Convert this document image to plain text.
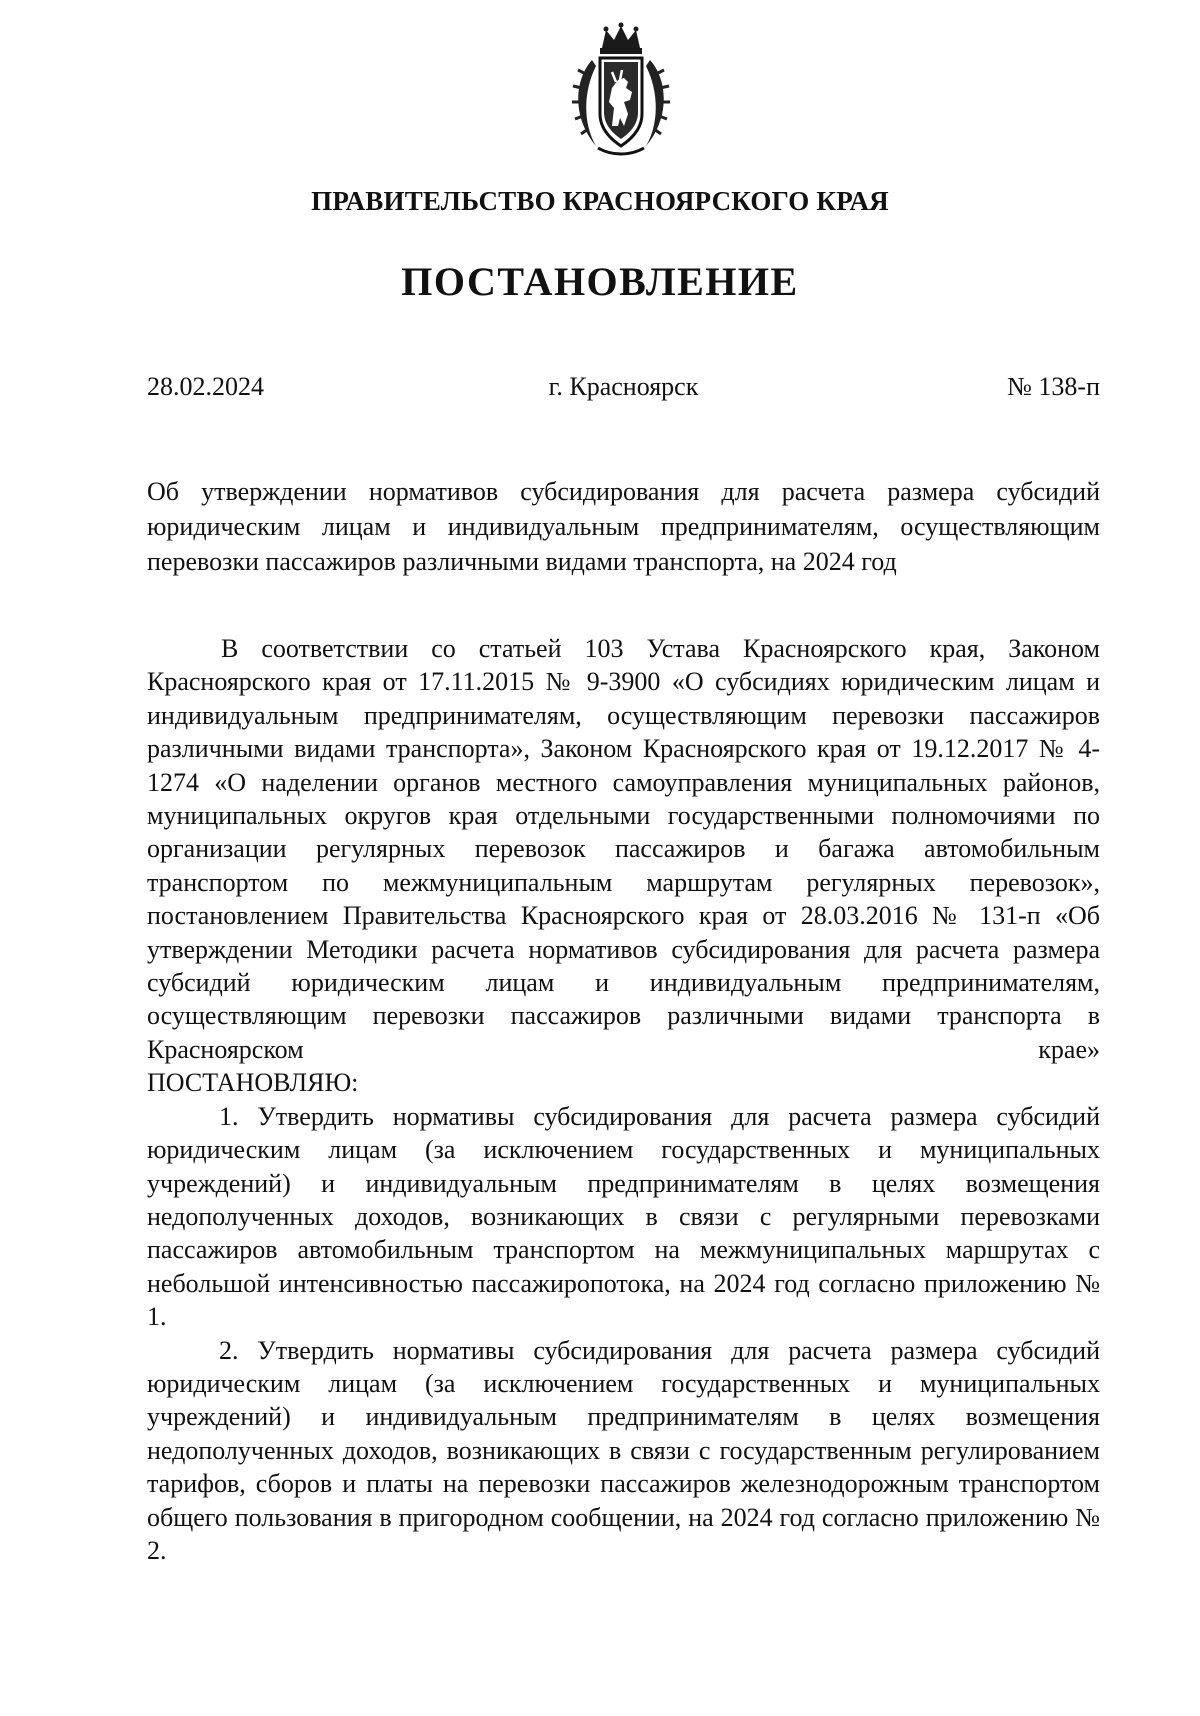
ПРАВИТЕЛЬСТВО КРАСНОЯРСКОГО КРАЯ
ПОСТАНОВЛЕНИЕ
г. Красноярск
28.02.2024	№ 138-п

Об утверждении нормативов субсидирования для расчета размера субсидий юридическим лицам и индивидуальным предпринимателям, осуществляющим перевозки пассажиров различными видами транспорта, на 2024 год

В соответствии со статьей 103 Устава Красноярского края, Законом Красноярского края от 17.11.2015 № 9-3900 «О субсидиях юридическим лицам и индивидуальным предпринимателям, осуществляющим перевозки пассажиров различными видами транспорта», Законом Красноярского края от 19.12.2017 № 4-1274 «О наделении органов местного самоуправления муниципальных районов, муниципальных округов края отдельными государственными полномочиями по организации регулярных перевозок пассажиров и багажа автомобильным транспортом по межмуниципальным маршрутам регулярных перевозок», постановлением Правительства Красноярского края от 28.03.2016 № 131-п «Об утверждении Методики расчета нормативов субсидирования для расчета размера субсидий юридическим лицам и индивидуальным предпринимателям, осуществляющим перевозки пассажиров различными видами транспорта в Красноярском крае»

ПОСТАНОВЛЯЮ:

1. Утвердить нормативы субсидирования для расчета размера субсидий юридическим лицам (за исключением государственных и муниципальных учреждений) и индивидуальным предпринимателям в целях возмещения недополученных доходов, возникающих в связи с регулярными перевозками пассажиров автомобильным транспортом на межмуниципальных маршрутах с небольшой интенсивностью пассажиропотока, на 2024 год согласно приложению № 1.

2. Утвердить нормативы субсидирования для расчета размера субсидий юридическим лицам (за исключением государственных и муниципальных учреждений) и индивидуальным предпринимателям в целях возмещения недополученных доходов, возникающих в связи с государственным регулированием тарифов, сборов и платы на перевозки пассажиров железнодорожным транспортом общего пользования в пригородном сообщении, на 2024 год согласно приложению № 2.
